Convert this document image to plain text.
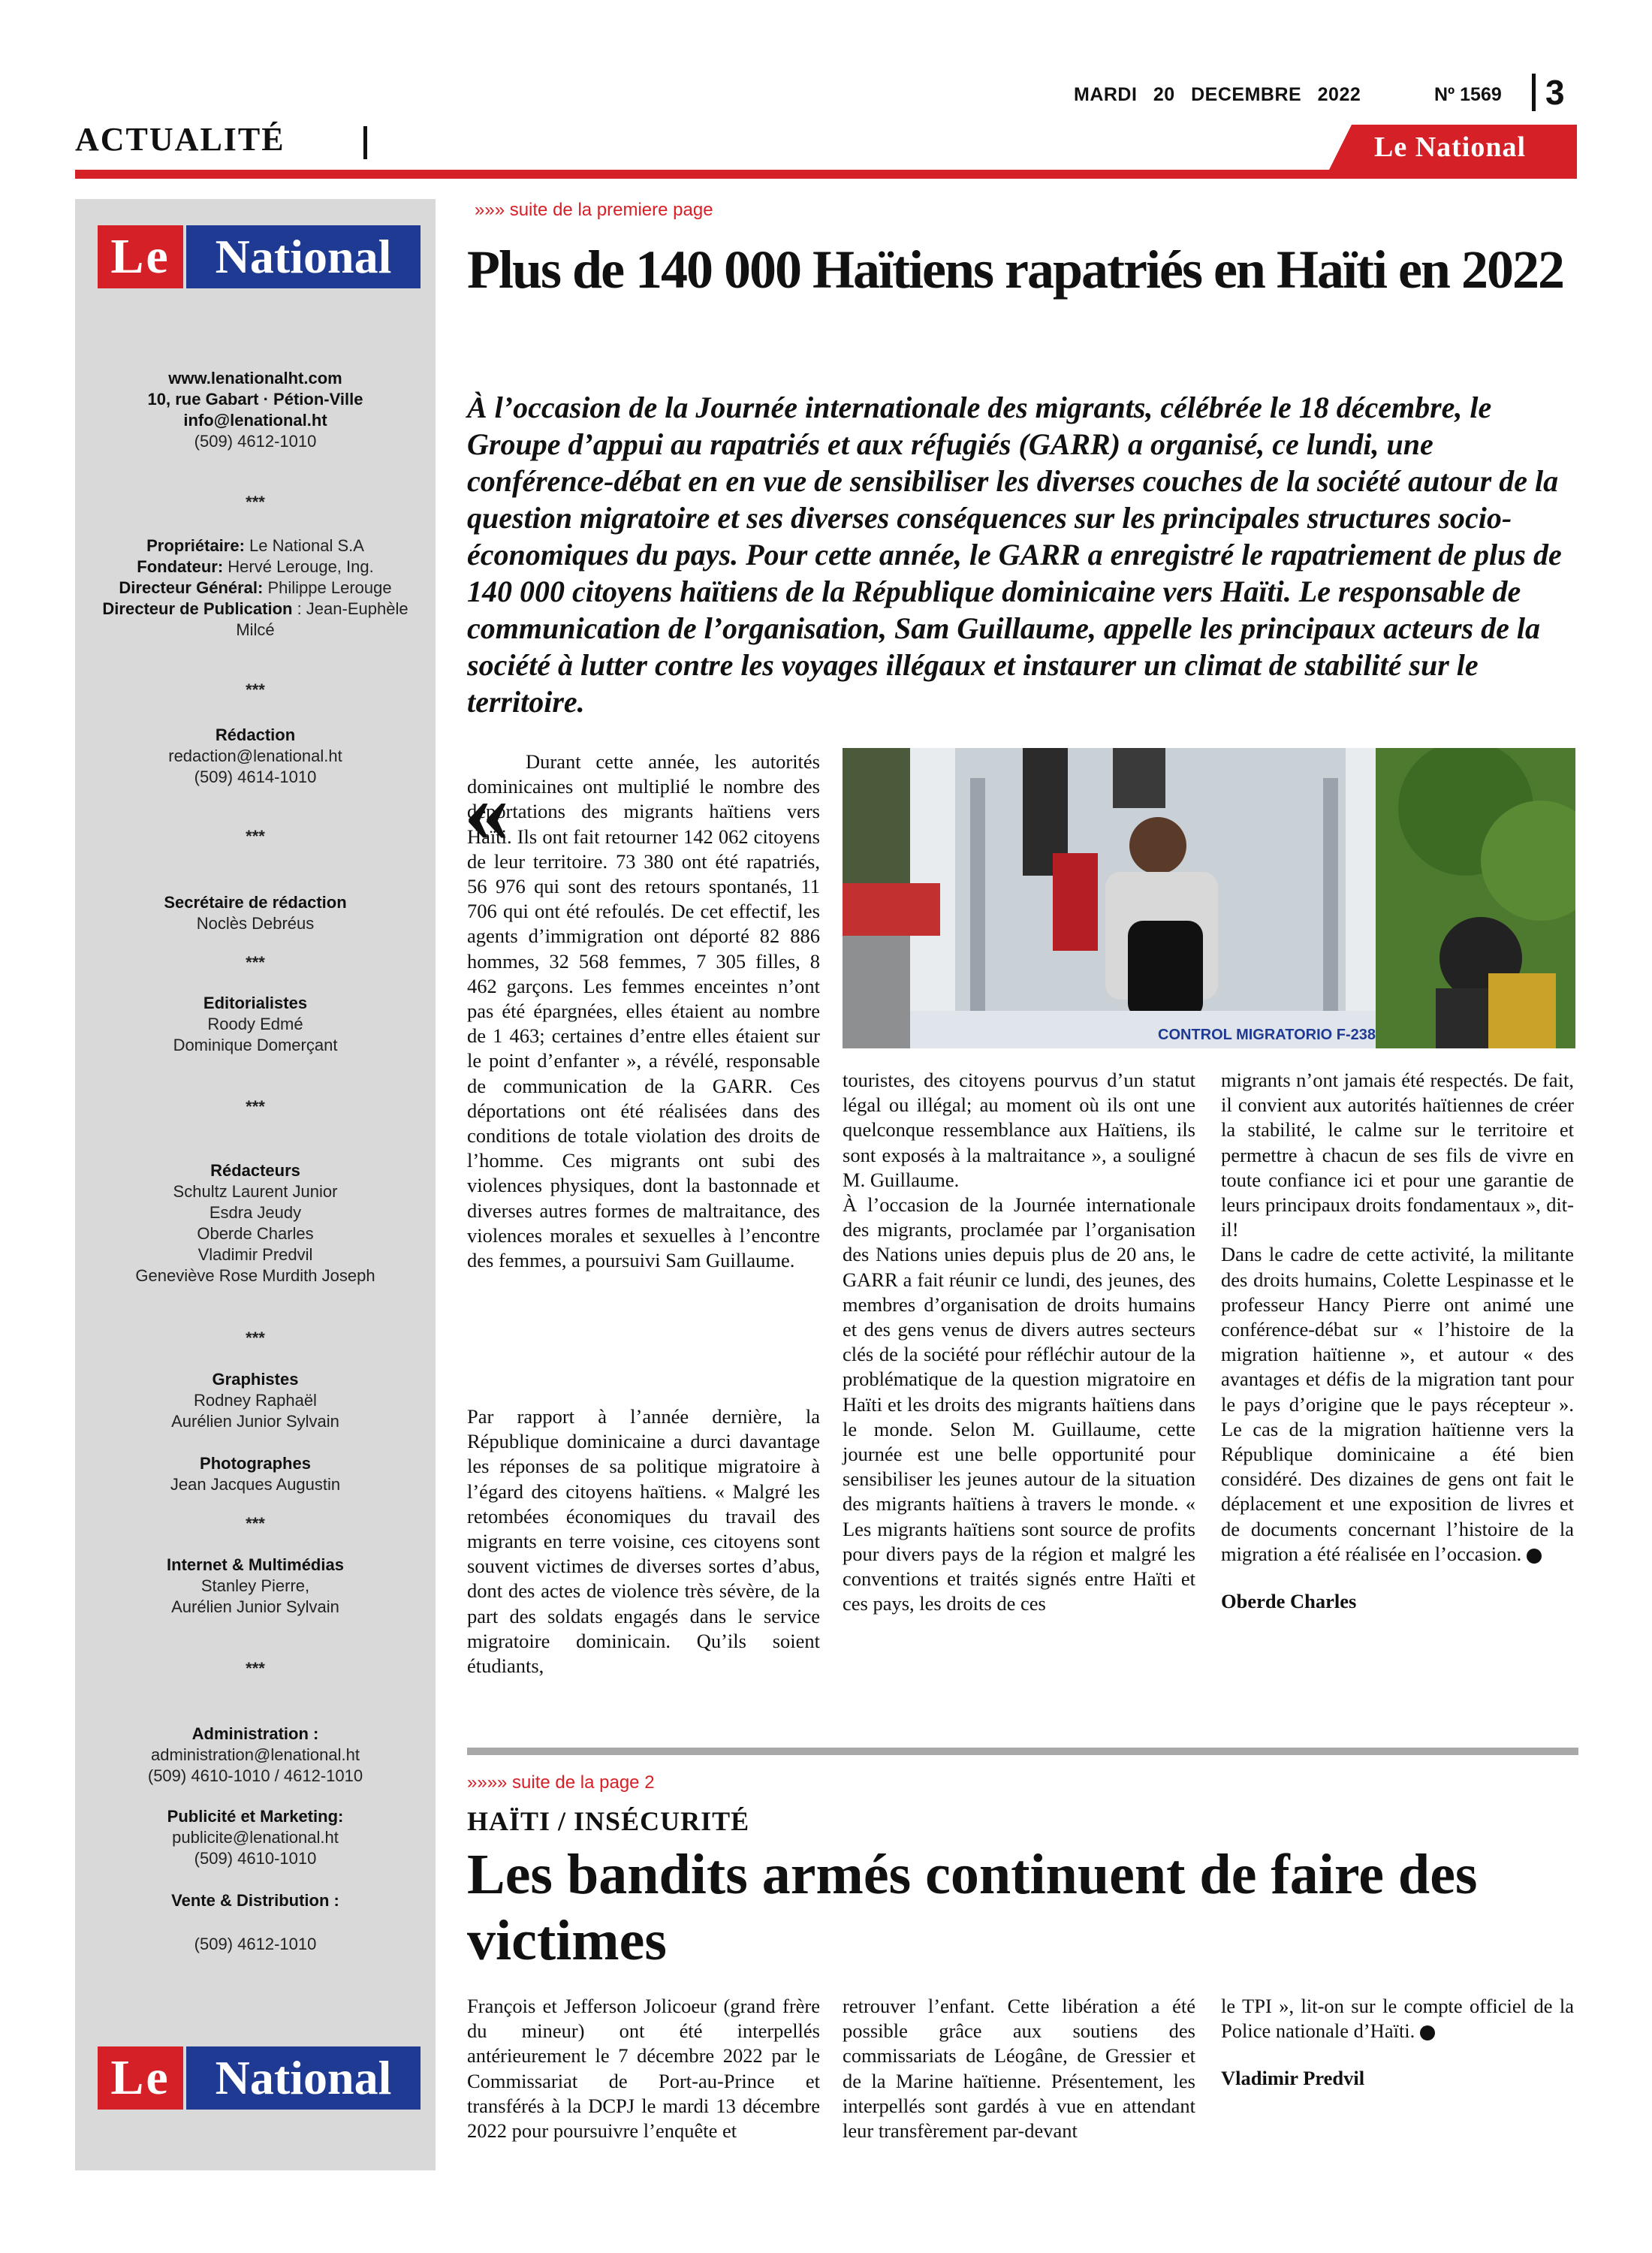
MARDI 20 DECEMBRE 2022	Nº 1569 3
ACTUALITÉ	Le National
Le National
www.lenationalht.com
10, rue Gabart · Pétion-Ville
info@lenational.ht
(509) 4612-1010
***
Propriétaire: Le National S.A
Fondateur: Hervé Lerouge, Ing.
Directeur Général: Philippe Lerouge
Directeur de Publication : Jean-Euphèle
Milcé
***
Rédaction
redaction@lenational.ht
(509) 4614-1010
***
Secrétaire de rédaction
Noclès Debréus
***
Editorialistes
Roody Edmé
Dominique Domerçant
***
Rédacteurs
Schultz Laurent Junior
Esdra Jeudy
Oberde Charles
Vladimir Predvil
Geneviève Rose Murdith Joseph
***
Graphistes
Rodney Raphaël
Aurélien Junior Sylvain
Photographes
Jean Jacques Augustin
***
Internet & Multimédias
Stanley Pierre,
Aurélien Junior Sylvain
***
Administration :
administration@lenational.ht
(509) 4610-1010 / 4612-1010
Publicité et Marketing:
publicite@lenational.ht
(509) 4610-1010
Vente & Distribution :
(509) 4612-1010
Le National
»»» suite de la premiere page
Plus de 140 000 Haïtiens rapatriés en Haïti en 2022
À l’occasion de la Journée internationale des migrants, célébrée le 18 décembre, le Groupe d’appui au rapatriés et aux réfugiés (GARR) a organisé, ce lundi, une conférence-débat en en vue de sensibiliser les diverses couches de la société autour de la question migratoire et ses diverses conséquences sur les principales structures socio-économiques du pays. Pour cette année, le GARR a enregistré le rapatriement de plus de 140 000 citoyens haïtiens de la République dominicaine vers Haïti. Le responsable de communication de l’organisation, Sam Guillaume, appelle les principaux acteurs de la société à lutter contre les voyages illégaux et instaurer un climat de stabilité sur le territoire.
« Durant cette année, les autorités dominicaines ont multiplié le nombre des déportations des migrants haïtiens vers Haïti. Ils ont fait retourner 142 062 citoyens de leur territoire. 73 380 ont été rapatriés, 56 976 qui sont des retours spontanés, 11 706 qui ont été refoulés. De cet effectif, les agents d’immigration ont déporté 82 886 hommes, 32 568 femmes, 7 305 filles, 8 462 garçons. Les femmes enceintes n’ont pas été épargnées, elles étaient au nombre de 1 463; certaines d’entre elles étaient sur le point d’enfanter », a révélé, responsable de communication de la GARR. Ces déportations ont été réalisées dans des conditions de totale violation des droits de l’homme. Ces migrants ont subi des violences physiques, dont la bastonnade et diverses autres formes de maltraitance, des violences morales et sexuelles à l’encontre des femmes, a poursuivi Sam Guillaume.

Par rapport à l’année dernière, la République dominicaine a durci davantage les réponses de sa politique migratoire à l’égard des citoyens haïtiens. « Malgré les retombées économiques du travail des migrants en terre voisine, ces citoyens sont souvent victimes de diverses sortes d’abus, dont des actes de violence très sévère, de la part des soldats engagés dans le service migratoire dominicain. Qu’ils soient étudiants,

CONTROL MIGRATORIO F-238

touristes, des citoyens pourvus d’un statut légal ou illégal; au moment où ils ont une quelconque ressemblance aux Haïtiens, ils sont exposés à la maltraitance », a souligné M. Guillaume.

À l’occasion de la Journée internationale des migrants, proclamée par l’organisation des Nations unies depuis plus de 20 ans, le GARR a fait réunir ce lundi, des jeunes, des membres d’organisation de droits humains et des gens venus de divers autres secteurs clés de la société pour réfléchir autour de la problématique de la question migratoire en Haïti et les droits des migrants haïtiens dans le monde. Selon M. Guillaume, cette journée est une belle opportunité pour sensibiliser les jeunes autour de la situation des migrants haïtiens à travers le monde. « Les migrants haïtiens sont source de profits pour divers pays de la région et malgré les conventions et traités signés entre Haïti et ces pays, les droits de ces

migrants n’ont jamais été respectés. De fait, il convient aux autorités haïtiennes de créer la stabilité, le calme sur le territoire et permettre à chacun de ses fils de vivre en toute confiance ici et pour une garantie de leurs principaux droits fondamentaux », dit-il!

Dans le cadre de cette activité, la militante des droits humains, Colette Lespinasse et le professeur Hancy Pierre ont animé une conférence-débat sur « l’histoire de la migration haïtienne », et autour « des avantages et défis de la migration tant pour le pays d’origine que le pays récepteur ». Le cas de la migration haïtienne vers la République dominicaine a été bien considéré. Des dizaines de gens ont fait le déplacement et une exposition de livres et de documents concernant l’histoire de la migration a été réalisée en l’occasion.

Oberde Charles

»»»» suite de la page 2
HAÏTI / INSÉCURITÉ
Les bandits armés continuent de faire des victimes

François et Jefferson Jolicoeur (grand frère du mineur) ont été interpellés antérieurement le 7 décembre 2022 par le Commissariat de Port-au-Prince et transférés à la DCPJ le mardi 13 décembre 2022 pour poursuivre l’enquête et

retrouver l’enfant. Cette libération a été possible grâce aux soutiens des commissariats de Léogâne, de Gressier et de la Marine haïtienne. Présentement, les interpellés sont gardés à vue en attendant leur transfèrement par-devant

le TPI », lit-on sur le compte officiel de la Police nationale d’Haïti.

Vladimir Predvil
